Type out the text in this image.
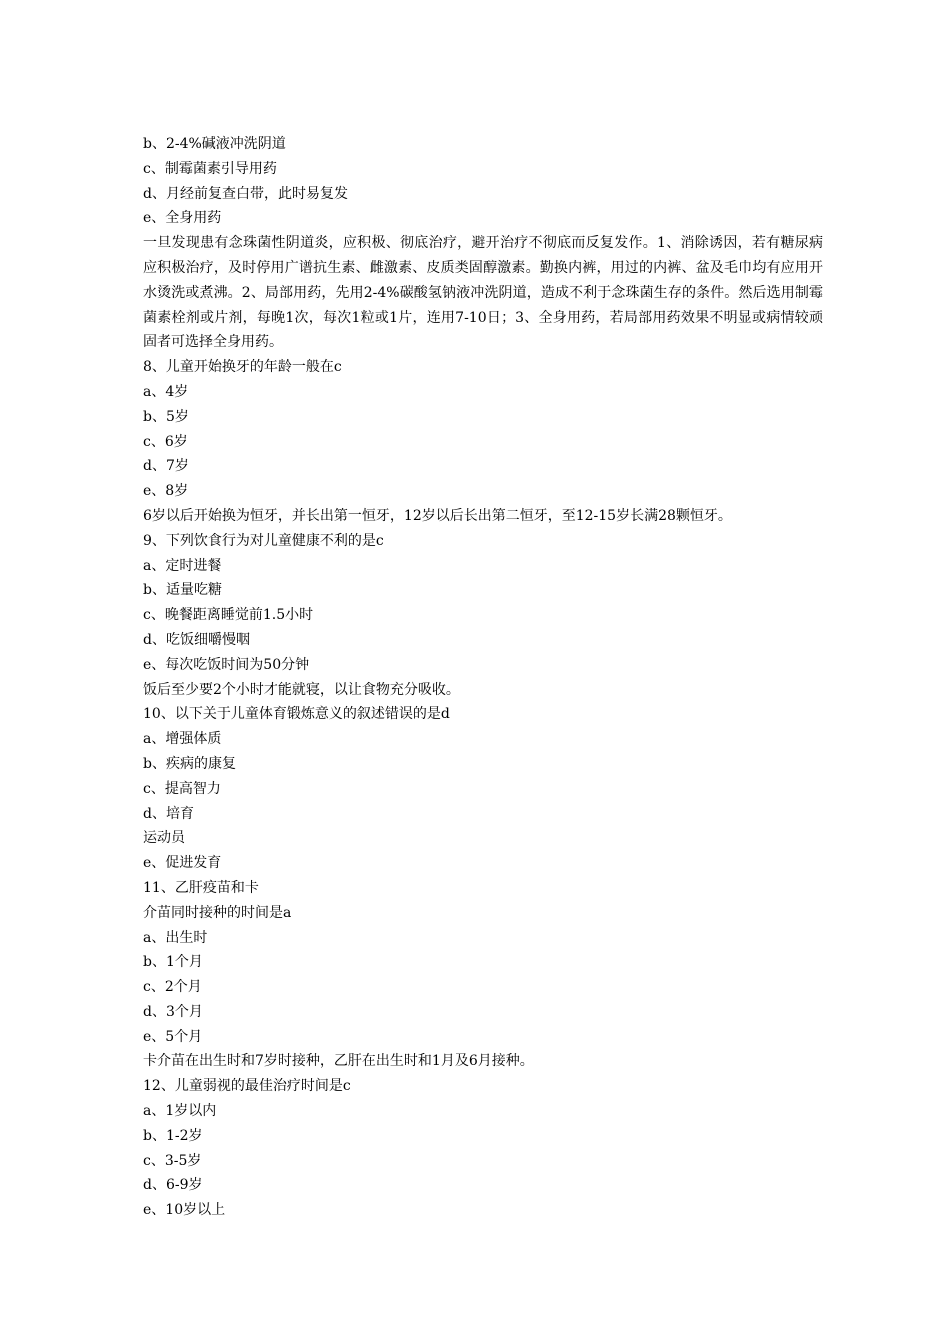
b、2-4%碱液冲洗阴道

c、制霉菌素引导用药

d、月经前复查白带，此时易复发

e、全身用药

一旦发现患有念珠菌性阴道炎，应积极、彻底治疗，避开治疗不彻底而反复发作。1、消除诱因，若有糖尿病应积极治疗，及时停用广谱抗生素、雌激素、皮质类固醇激素。勤换内裤，用过的内裤、盆及毛巾均有应用开水烫洗或煮沸。2、局部用药，先用2-4%碳酸氢钠液冲洗阴道，造成不利于念珠菌生存的条件。然后选用制霉菌素栓剂或片剂，每晚1次，每次1粒或1片，连用7-10日；3、全身用药，若局部用药效果不明显或病情较顽固者可选择全身用药。

8、儿童开始换牙的年龄一般在c

a、4岁

b、5岁

c、6岁

d、7岁

e、8岁

6岁以后开始换为恒牙，并长出第一恒牙，12岁以后长出第二恒牙，至12-15岁长满28颗恒牙。

9、下列饮食行为对儿童健康不利的是c

a、定时进餐

b、适量吃糖

c、晚餐距离睡觉前1.5小时

d、吃饭细嚼慢咽

e、每次吃饭时间为50分钟

饭后至少要2个小时才能就寝，以让食物充分吸收。

10、以下关于儿童体育锻炼意义的叙述错误的是d

a、增强体质

b、疾病的康复

c、提高智力

d、培育

运动员

e、促进发育

11、乙肝疫苗和卡

介苗同时接种的时间是a

a、出生时

b、1个月

c、2个月

d、3个月

e、5个月

卡介苗在出生时和7岁时接种，乙肝在出生时和1月及6月接种。

12、儿童弱视的最佳治疗时间是c

a、1岁以内

b、1-2岁

c、3-5岁

d、6-9岁

e、10岁以上
